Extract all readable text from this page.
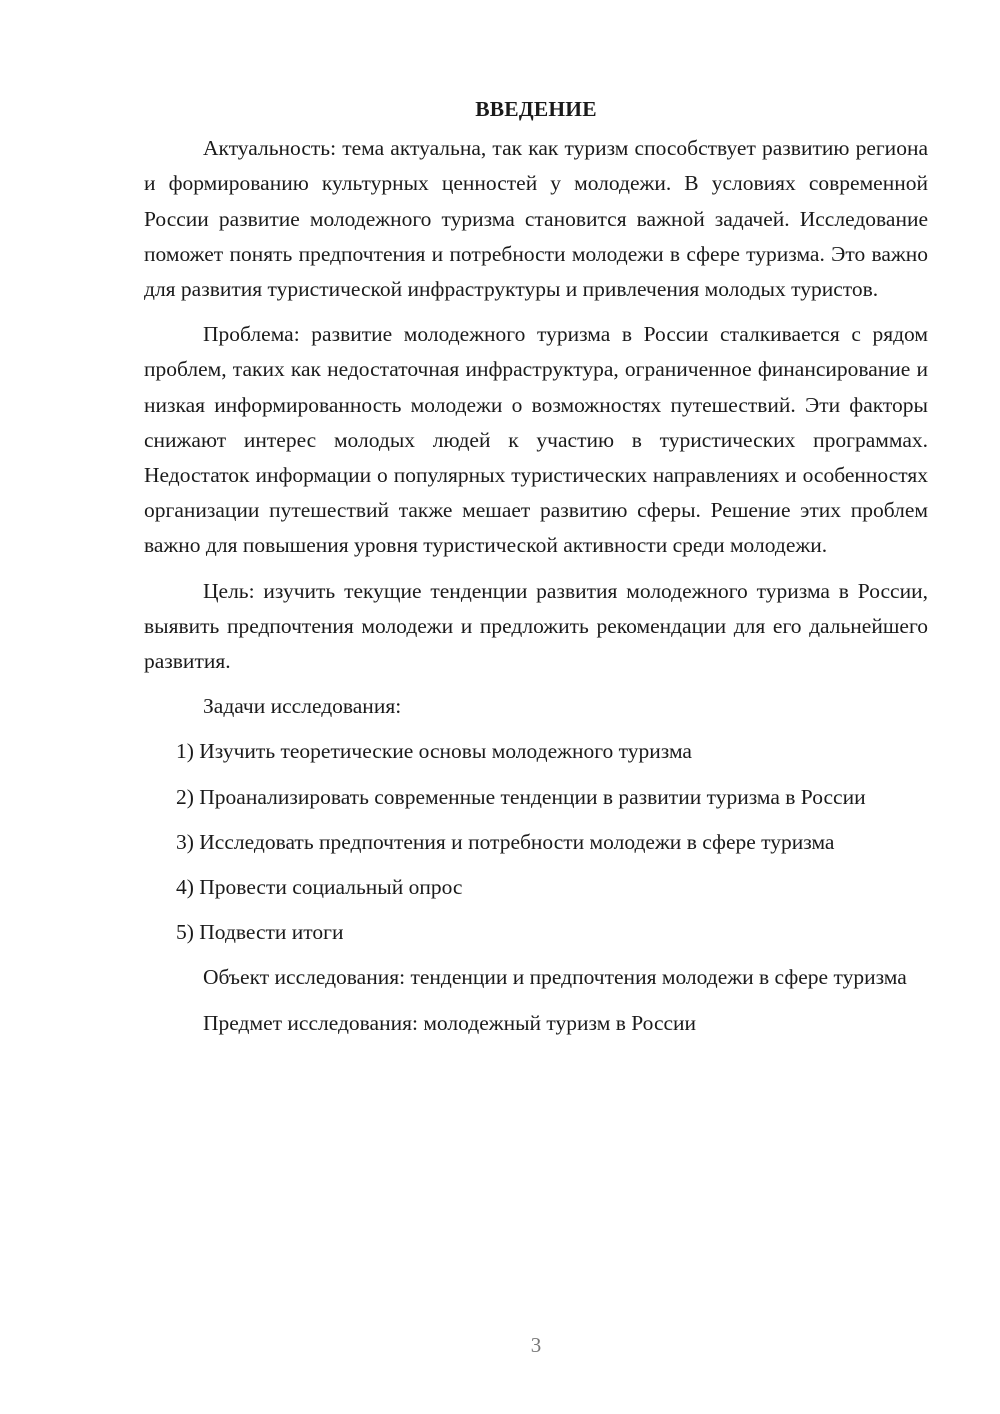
ВВЕДЕНИЕ

Актуальность: тема актуальна, так как туризм способствует развитию региона и формированию культурных ценностей у молодежи. В условиях современной России развитие молодежного туризма становится важной задачей. Исследование поможет понять предпочтения и потребности молодежи в сфере туризма. Это важно для развития туристической инфраструктуры и привлечения молодых туристов.

Проблема: развитие молодежного туризма в России сталкивается с рядом проблем, таких как недостаточная инфраструктура, ограниченное финансирование и низкая информированность молодежи о возможностях путешествий. Эти факторы снижают интерес молодых людей к участию в туристических программах. Недостаток информации о популярных туристических направлениях и особенностях организации путешествий также мешает развитию сферы. Решение этих проблем важно для повышения уровня туристической активности среди молодежи.

Цель: изучить текущие тенденции развития молодежного туризма в России, выявить предпочтения молодежи и предложить рекомендации для его дальнейшего развития.

Задачи исследования:

1) Изучить теоретические основы молодежного туризма

2) Проанализировать современные тенденции в развитии туризма в России

3) Исследовать предпочтения и потребности молодежи в сфере туризма

4) Провести социальный опрос

5) Подвести итоги

Объект исследования: тенденции и предпочтения молодежи в сфере туризма

Предмет исследования: молодежный туризм в России

3
